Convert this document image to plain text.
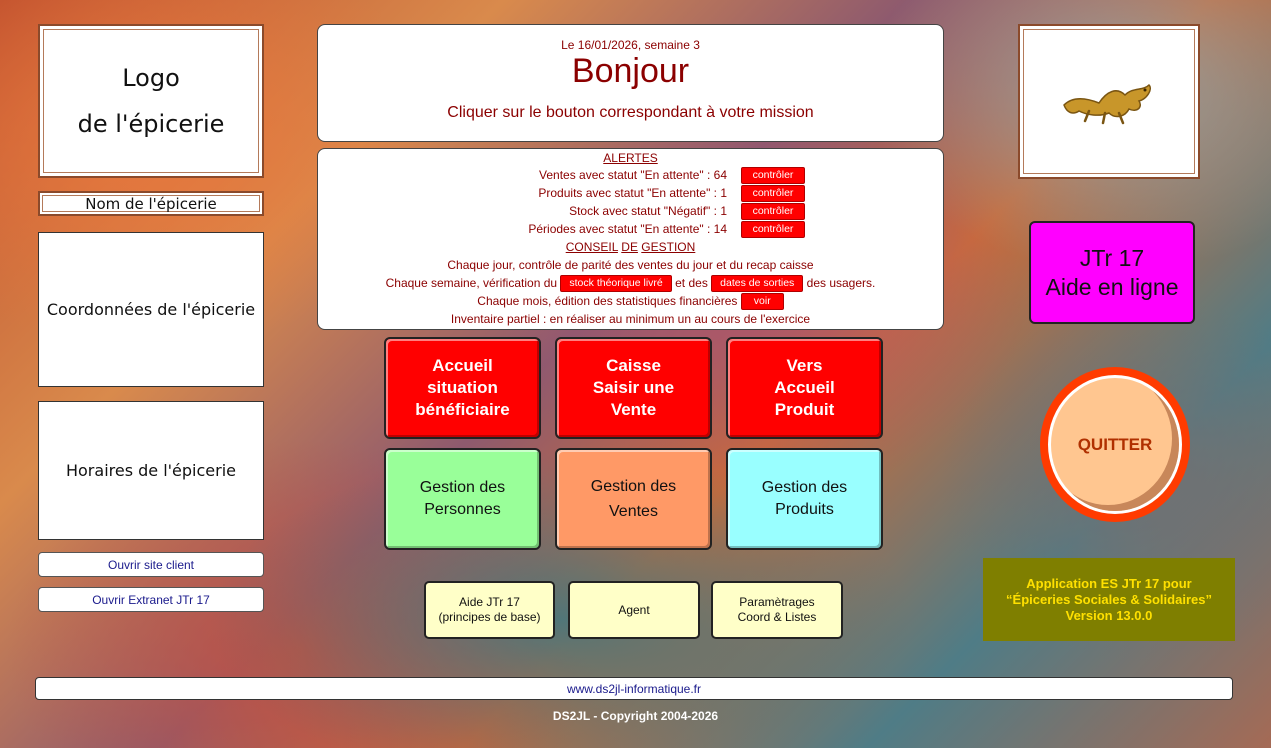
Logo
de l'épicerie
Nom de l'épicerie
Coordonnées de l'épicerie
Horaires de l'épicerie
Ouvrir site client
Ouvrir Extranet JTr 17
Le 16/01/2026, semaine 3
Bonjour
Cliquer sur le bouton correspondant à votre mission
ALERTES
Ventes avec statut "En attente" : 64	contrôler
Produits avec statut "En attente" : 1	contrôler
Stock avec statut "Négatif" : 1	contrôler
Périodes avec statut "En attente" : 14	contrôler
CONSEIL DE GESTION
Chaque jour, contrôle de parité des ventes du jour et du recap caisse
Chaque semaine, vérification du stock théorique livré et des dates de sorties des usagers.
Chaque mois, édition des statistiques financières voir
Inventaire partiel : en réaliser au minimum un au cours de l'exercice
Accueil
situation
bénéficiaire
Caisse
Saisir une
Vente
Vers
Accueil
Produit
Gestion des
Personnes
Gestion des
Ventes
Gestion des
Produits
Aide JTr 17
(principes de base)
Agent
Paramètrages
Coord & Listes
JTr 17
Aide en ligne
QUITTER
Application ES JTr 17 pour
“Épiceries Sociales & Solidaires”
Version 13.0.0
www.ds2jl-informatique.fr
DS2JL - Copyright 2004-2026
